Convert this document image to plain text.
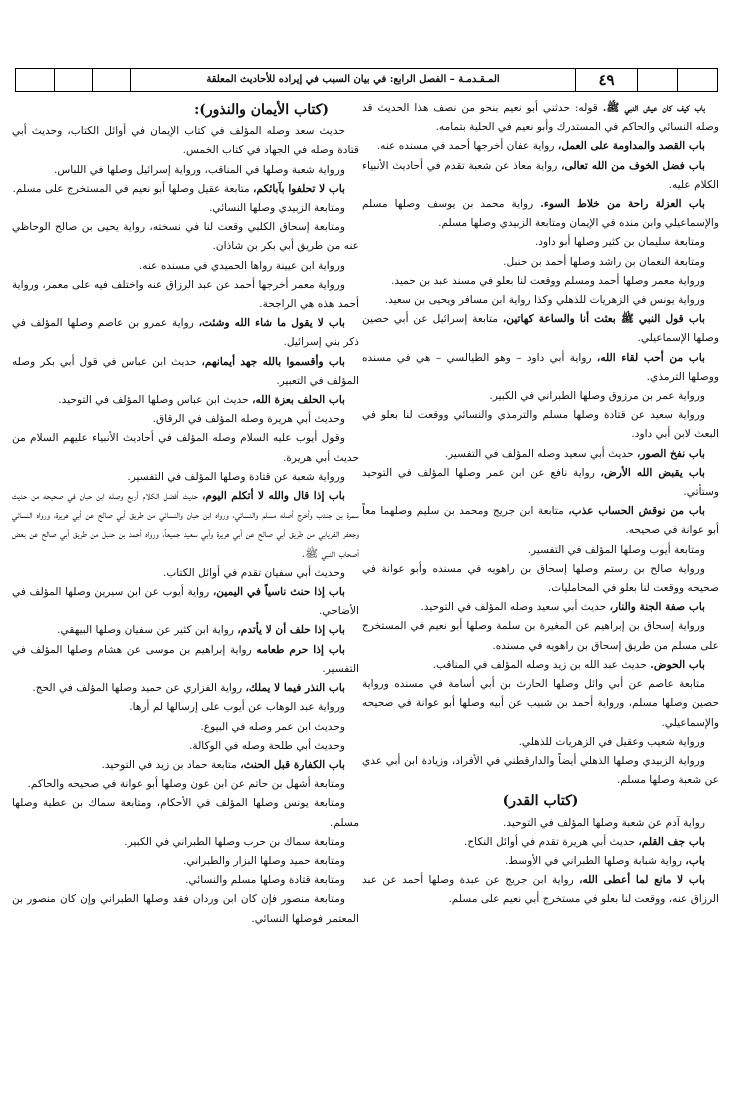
المـقـدمـة – الفصل الرابع: في بيان السبب في إيراده للأحاديث المعلقة	٤٩

باب كيف كان عيش النبي ﷺ. قوله: حدثني أبو نعيم بنحو من نصف هذا الحديث قد وصله النسائي والحاكم في المستدرك وأبو نعيم في الحلية بتمامه.

باب القصد والمداومة على العمل، رواية عفان أخرجها أحمد في مسنده عنه.

باب فضل الخوف من الله تعالى، رواية معاذ عن شعبة تقدم في أحاديث الأنبياء الكلام عليه.

باب العزلة راحة من خلاط السوء. رواية محمد بن يوسف وصلها مسلم والإسماعيلي وابن منده في الإيمان ومتابعة الزبيدي وصلها مسلم.

ومتابعة سليمان بن كثير وصلها أبو داود.

ومتابعة النعمان بن راشد وصلها أحمد بن حنبل.

ورواية معمر وصلها أحمد ومسلم ووقعت لنا بعلو في مسند عبد بن حميد.

ورواية يونس في الزهريات للذهلي وكذا رواية ابن مسافر ويحيى بن سعيد.

باب قول النبي ﷺ بعثت أنا والساعة كهاتين، متابعة إسرائيل عن أبي حصين وصلها الإسماعيلي.

باب من أحب لقاء الله، رواية أبي داود – وهو الطيالسي – هي في مسنده ووصلها الترمذي.

ورواية عمر بن مرزوق وصلها الطبراني في الكبير.

ورواية سعيد عن قتادة وصلها مسلم والترمذي والنسائي ووقعت لنا بعلو في البعث لابن أبي داود.

باب نفخ الصور، حديث أبي سعيد وصله المؤلف في التفسير.

باب يقبض الله الأرض، رواية نافع عن ابن عمر وصلها المؤلف في التوحيد وستأتي.

باب من نوقش الحساب عذب، متابعة ابن جريج ومحمد بن سليم وصلهما معاً أبو عوانة في صحيحه.

ومتابعة أيوب وصلها المؤلف في التفسير.

ورواية صالح بن رستم وصلها إسحاق بن راهويه في مسنده وأبو عوانة في صحيحه ووقعت لنا بعلو في المحامليات.

باب صفة الجنة والنار، حديث أبي سعيد وصله المؤلف في التوحيد.

ورواية إسحاق بن إبراهيم عن المغيرة بن سلمة وصلها أبو نعيم في المستخرج على مسلم من طريق إسحاق بن راهويه في مسنده.

باب الحوض. حديث عبد الله بن زيد وصله المؤلف في المناقب.

متابعة عاصم عن أبي وائل وصلها الحارث بن أبي أسامة في مسنده ورواية حصين وصلها مسلم، ورواية أحمد بن شبيب عن أبيه وصلها أبو عوانة في صحيحه والإسماعيلي.

ورواية شعيب وعقيل في الزهريات للذهلي.

ورواية الزبيدي وصلها الذهلي أيضاً والدارقطني في الأفراد، وزيادة ابن أبي عدي عن شعبة وصلها مسلم.

(كتاب القدر)

رواية آدم عن شعبة وصلها المؤلف في التوحيد.

باب جف القلم، حديث أبي هريرة تقدم في أوائل النكاح.

باب، رواية شبابة وصلها الطبراني في الأوسط.

باب لا مانع لما أعطى الله، رواية ابن جريج عن عبدة وصلها أحمد عن عبد الرزاق عنه، ووقعت لنا بعلو في مستخرج أبي نعيم على مسلم.

(كتاب الأيمان والنذور):

حديث سعد وصله المؤلف في كتاب الإيمان في أوائل الكتاب، وحديث أبي قتادة وصله في الجهاد في كتاب الخمس.

ورواية شعبة وصلها في المناقب، ورواية إسرائيل وصلها في اللباس.

باب لا تحلفوا بآبائكم، متابعة عقيل وصلها أبو نعيم في المستخرج على مسلم.

ومتابعة الزبيدي وصلها النسائي.

ومتابعة إسحاق الكلبي وقعت لنا في نسخته، رواية يحيى بن صالح الوحاظي عنه من طريق أبي بكر بن شاذان.

ورواية ابن عيينة رواها الحميدي في مسنده عنه.

ورواية معمر أخرجها أحمد عن عبد الرزاق عنه واختلف فيه على معمر، ورواية أحمد هذه هي الراجحة.

باب لا يقول ما شاء الله وشئت، رواية عمرو بن عاصم وصلها المؤلف في ذكر بني إسرائيل.

باب وأقسموا بالله جهد أيمانهم، حديث ابن عباس في قول أبي بكر وصله المؤلف في التعبير.

باب الحلف بعزة الله، حديث ابن عباس وصلها المؤلف في التوحيد.

وحديث أبي هريرة وصله المؤلف في الرقاق.

وقول أيوب عليه السلام وصله المؤلف في أحاديث الأنبياء عليهم السلام من حديث أبي هريرة.

ورواية شعبة عن قتادة وصلها المؤلف في التفسير.

باب إذا قال والله لا أتكلم اليوم، حديث أفضل الكلام أربع وصله ابن حبان في صحيحه من حديث سمرة بن جندب وأخرج أصله مسلم والنسائي، ورواه ابن حبان والنسائي من طريق أبي صالح عن أبي هريرة، ورواه النسائي وجعفر الفريابي من طريق أبي صالح عن أبي هريرة وأبي سعيد جميعاً، ورواه أحمد بن حنبل من طريق أبي صالح عن بعض أصحاب النبي ﷺ.

وحديث أبي سفيان تقدم في أوائل الكتاب.

باب إذا حنث ناسياً في اليمين، رواية أيوب عن ابن سيرين وصلها المؤلف في الأضاحي.

باب إذا حلف أن لا يأتدم، رواية ابن كثير عن سفيان وصلها البيهقي.

باب إذا حرم طعامه رواية إبراهيم بن موسى عن هشام وصلها المؤلف في التفسير.

باب النذر فيما لا يملك، رواية الفزاري عن حميد وصلها المؤلف في الحج.

ورواية عبد الوهاب عن أيوب على إرسالها لم أرها.

وحديث ابن عمر وصله في البيوع.

وحديث أبي طلحة وصله في الوكالة.

باب الكفارة قبل الحنث، متابعة حماد بن زيد في التوحيد.

ومتابعة أشهل بن حاتم عن ابن عون وصلها أبو عوانة في صحيحه والحاكم.

ومتابعة يونس وصلها المؤلف في الأحكام، ومتابعة سماك بن عطية وصلها مسلم.

ومتابعة سماك بن حرب وصلها الطبراني في الكبير.

ومتابعة حميد وصلها البزار والطبراني.

ومتابعة قتادة وصلها مسلم والنسائي.

ومتابعة منصور فإن كان ابن وردان فقد وصلها الطبراني وإن كان منصور بن المعتمر فوصلها النسائي.
